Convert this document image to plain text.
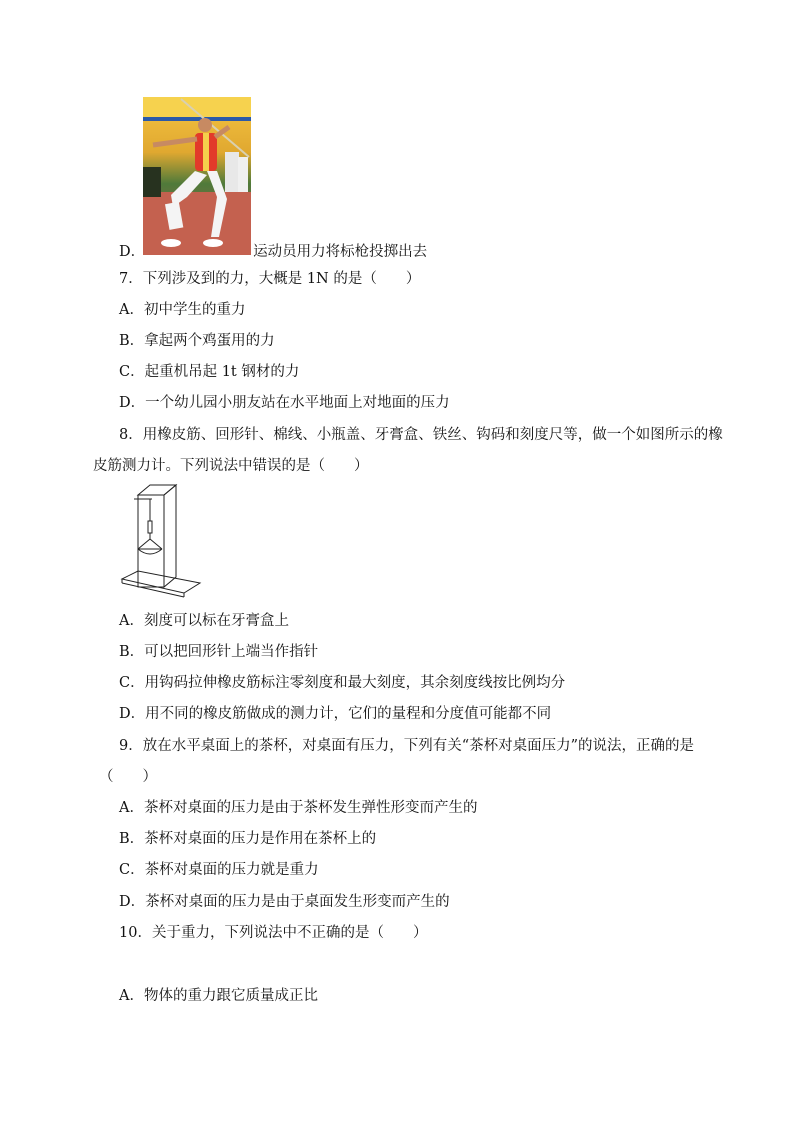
D．	运动员用力将标枪投掷出去
7．下列涉及到的力，大概是 1N 的是（　　）
A．初中学生的重力
B．拿起两个鸡蛋用的力
C．起重机吊起 1t 钢材的力
D．一个幼儿园小朋友站在水平地面上对地面的压力
8．用橡皮筋、回形针、棉线、小瓶盖、牙膏盒、铁丝、钩码和刻度尺等，做一个如图所示的橡
皮筋测力计。下列说法中错误的是（　　）
A．刻度可以标在牙膏盒上
B．可以把回形针上端当作指针
C．用钩码拉伸橡皮筋标注零刻度和最大刻度，其余刻度线按比例均分
D．用不同的橡皮筋做成的测力计，它们的量程和分度值可能都不同
9．放在水平桌面上的茶杯，对桌面有压力，下列有关“茶杯对桌面压力”的说法，正确的是
（　　）
A．茶杯对桌面的压力是由于茶杯发生弹性形变而产生的
B．茶杯对桌面的压力是作用在茶杯上的
C．茶杯对桌面的压力就是重力
D．茶杯对桌面的压力是由于桌面发生形变而产生的
10．关于重力，下列说法中不正确的是（　　）
A．物体的重力跟它质量成正比
